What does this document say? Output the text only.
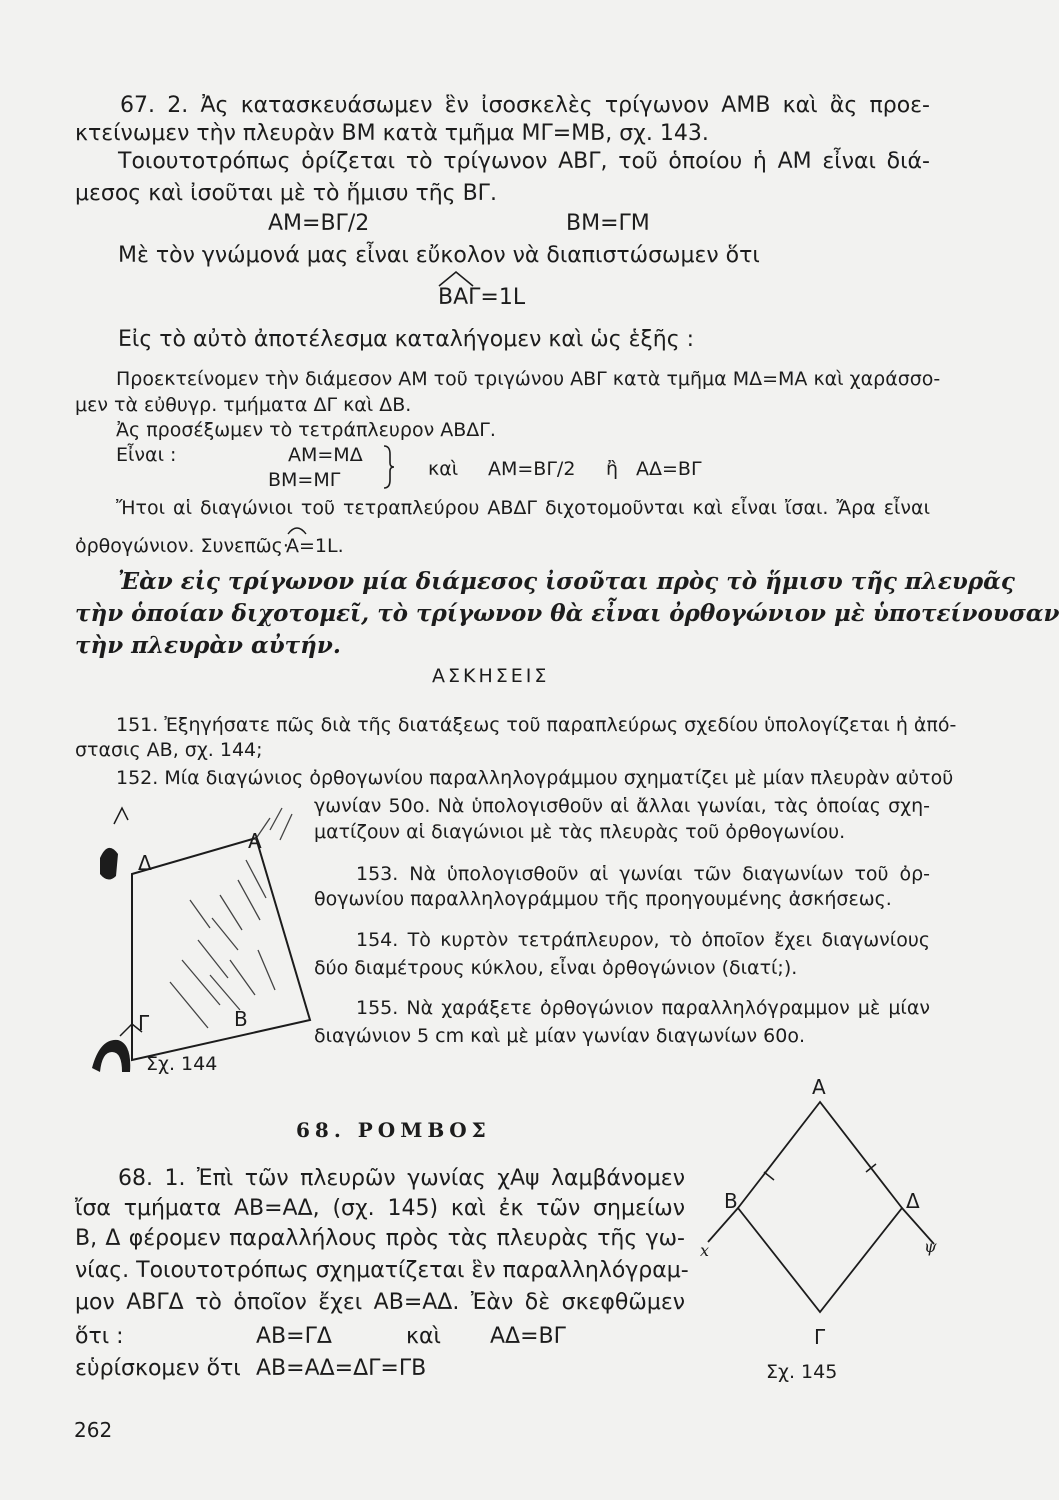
67. 2. Ἀς κατασκευάσωμεν ἓν ἰσοσκελὲς τρίγωνον ΑΜΒ καὶ ἂς προε-
κτείνωμεν τὴν πλευρὰν ΒΜ κατὰ τμῆμα ΜΓ=ΜΒ, σχ. 143.
Τοιουτοτρόπως ὁρίζεται τὸ τρίγωνον ΑΒΓ, τοῦ ὁποίου ἡ ΑΜ εἶναι διά-
μεσος καὶ ἰσοῦται μὲ τὸ ἥμισυ τῆς ΒΓ.
ΑΜ=ΒΓ/2	ΒΜ=ΓΜ
Μὲ τὸν γνώμονά μας εἶναι εὔκολον νὰ διαπιστώσωμεν ὅτι
ΒΑΓ=1L
Εἰς τὸ αὐτὸ ἀποτέλεσμα καταλήγομεν καὶ ὡς ἑξῆς :
Προεκτείνομεν τὴν διάμεσον ΑΜ τοῦ τριγώνου ΑΒΓ κατὰ τμῆμα ΜΔ=ΜΑ καὶ χαράσσο-
μεν τὰ εὐθυγρ. τμήματα ΔΓ καὶ ΔΒ.
Ἀς προσέξωμεν τὸ τετράπλευρον ΑΒΔΓ.
Εἶναι :	ΑΜ=ΜΔ
ΒΜ=ΜΓ	καὶ ΑΜ=ΒΓ/2 ἢ ΑΔ=ΒΓ
Ἤτοι αἱ διαγώνιοι τοῦ τετραπλεύρου ΑΒΔΓ διχοτομοῦνται καὶ εἶναι ἴσαι. Ἄρα εἶναι
ὀρθογώνιον. Συνεπῶς·
Α=1L.
Ἐὰν εἰς τρίγωνον μία διάμεσος ἰσοῦται πρὸς τὸ ἥμισυ τῆς πλευρᾶς
τὴν ὁποίαν διχοτομεῖ, τὸ τρίγωνον θὰ εἶναι ὀρθογώνιον μὲ ὑποτείνουσαν
τὴν πλευρὰν αὐτήν.
ΑΣΚΗΣΕΙΣ
151. Ἐξηγήσατε πῶς διὰ τῆς διατάξεως τοῦ παραπλεύρως σχεδίου ὑπολογίζεται ἡ ἀπό-
στασις ΑΒ, σχ. 144;
152. Μία διαγώνιος ὀρθογωνίου παραλληλογράμμου σχηματίζει μὲ μίαν πλευρὰν αὐτοῦ
γωνίαν 50ο. Νὰ ὑπολογισθοῦν αἱ ἄλλαι γωνίαι, τὰς ὁποίας σχη-
ματίζουν αἱ διαγώνιοι μὲ τὰς πλευρὰς τοῦ ὀρθογωνίου.
153. Νὰ ὑπολογισθοῦν αἱ γωνίαι τῶν διαγωνίων τοῦ ὀρ-
θογωνίου παραλληλογράμμου τῆς προηγουμένης ἀσκήσεως.
154. Τὸ κυρτὸν τετράπλευρον, τὸ ὁποῖον ἔχει διαγωνίους
δύο διαμέτρους κύκλου, εἶναι ὀρθογώνιον (διατί;).
155. Νὰ χαράξετε ὀρθογώνιον παραλληλόγραμμον μὲ μίαν
διαγώνιον 5 cm καὶ μὲ μίαν γωνίαν διαγωνίων 60ο.
Α
Δ
Γ	Β
Σχ. 144
68. ΡΟΜΒΟΣ
68. 1. Ἐπὶ τῶν πλευρῶν γωνίας χΑψ λαμβάνομεν
ἴσα τμήματα ΑΒ=ΑΔ, (σχ. 145) καὶ ἐκ τῶν σημείων
Β, Δ φέρομεν παραλλήλους πρὸς τὰς πλευρὰς τῆς γω-
νίας. Τοιουτοτρόπως σχηματίζεται ἓν παραλληλόγραμ-
μον ΑΒΓΔ τὸ ὁποῖον ἔχει ΑΒ=ΑΔ. Ἐὰν δὲ σκεφθῶμεν
ὅτι :	ΑΒ=ΓΔ	καὶ ΑΔ=ΒΓ
εὑρίσκομεν ὅτι ΑΒ=ΑΔ=ΔΓ=ΓΒ
Α
Β	Δ
Γ
x	ψ
Σχ. 145
262
